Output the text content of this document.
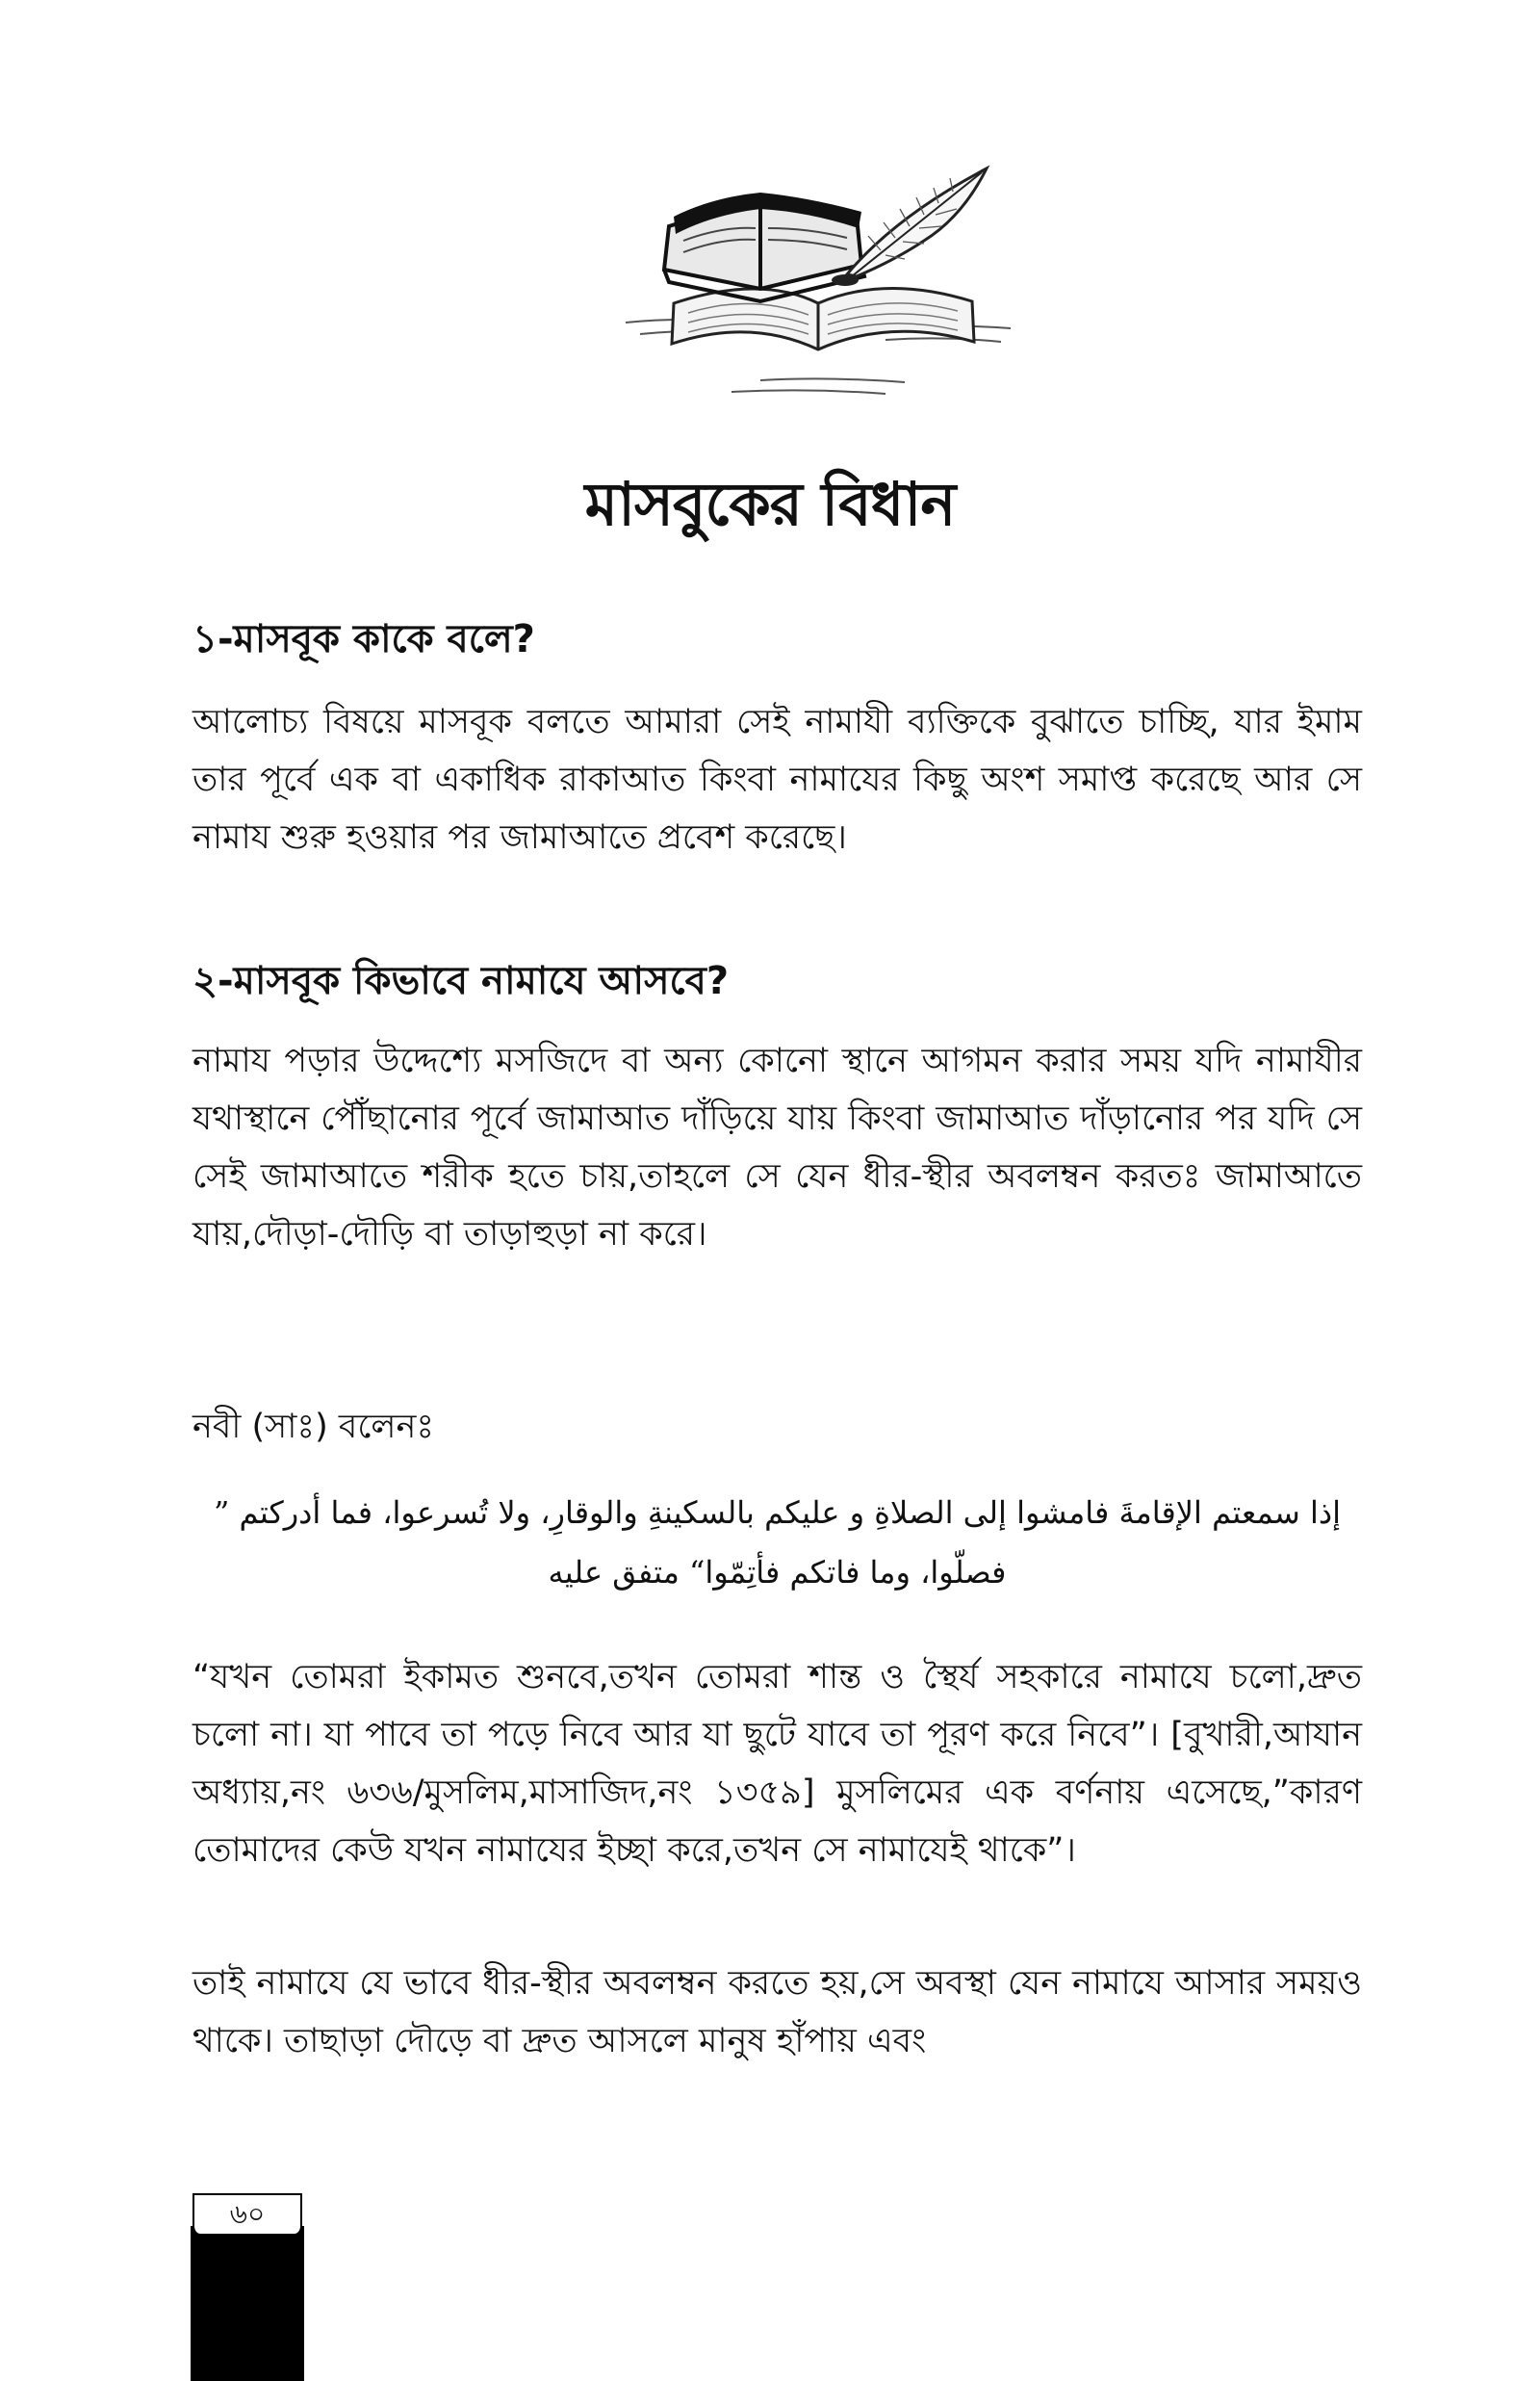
মাসবুকের বিধান
১-মাসবূক কাকে বলে?
আলোচ্য বিষয়ে মাসবূক বলতে আমারা সেই নামাযী ব্যক্তিকে বুঝাতে চাচ্ছি, যার ইমাম তার পূর্বে এক বা একাধিক রাকাআত কিংবা নামাযের কিছু অংশ সমাপ্ত করেছে আর সে নামায শুরু হওয়ার পর জামাআতে প্রবেশ করেছে।
২-মাসবূক কিভাবে নামাযে আসবে?
নামায পড়ার উদ্দেশ্যে মসজিদে বা অন্য কোনো স্থানে আগমন করার সময় যদি নামাযীর যথাস্থানে পৌঁছানোর পূর্বে জামাআত দাঁড়িয়ে যায় কিংবা জামাআত দাঁড়ানোর পর যদি সে সেই জামাআতে শরীক হতে চায়,তাহলে সে যেন ধীর-স্থীর অবলম্বন করতঃ জামাআতে যায়,দৌড়া-দৌড়ি বা তাড়াহুড়া না করে।
নবী (সাঃ) বলেনঃ
إذا سمعتم الإقامةَ فامشوا إلى الصلاةِ و عليكم بالسكينةِ والوقارِ، ولا تُسرعوا، فما أدركتم ”
فصلّوا، وما فاتكم فأتِمّوا“ متفق عليه
“যখন তোমরা ইকামত শুনবে,তখন তোমরা শান্ত ও স্থৈর্য সহকারে নামাযে চলো,দ্রুত চলো না। যা পাবে তা পড়ে নিবে আর যা ছুটে যাবে তা পূরণ করে নিবে”। [বুখারী,আযান অধ্যায়,নং ৬৩৬/মুসলিম,মাসাজিদ,নং ১৩৫৯] মুসলিমের এক বর্ণনায় এসেছে,”কারণ তোমাদের কেউ যখন নামাযের ইচ্ছা করে,তখন সে নামাযেই থাকে”।
তাই নামাযে যে ভাবে ধীর-স্থীর অবলম্বন করতে হয়,সে অবস্থা যেন নামাযে আসার সময়ও থাকে। তাছাড়া দৌড়ে বা দ্রুত আসলে মানুষ হাঁপায় এবং
৬০
